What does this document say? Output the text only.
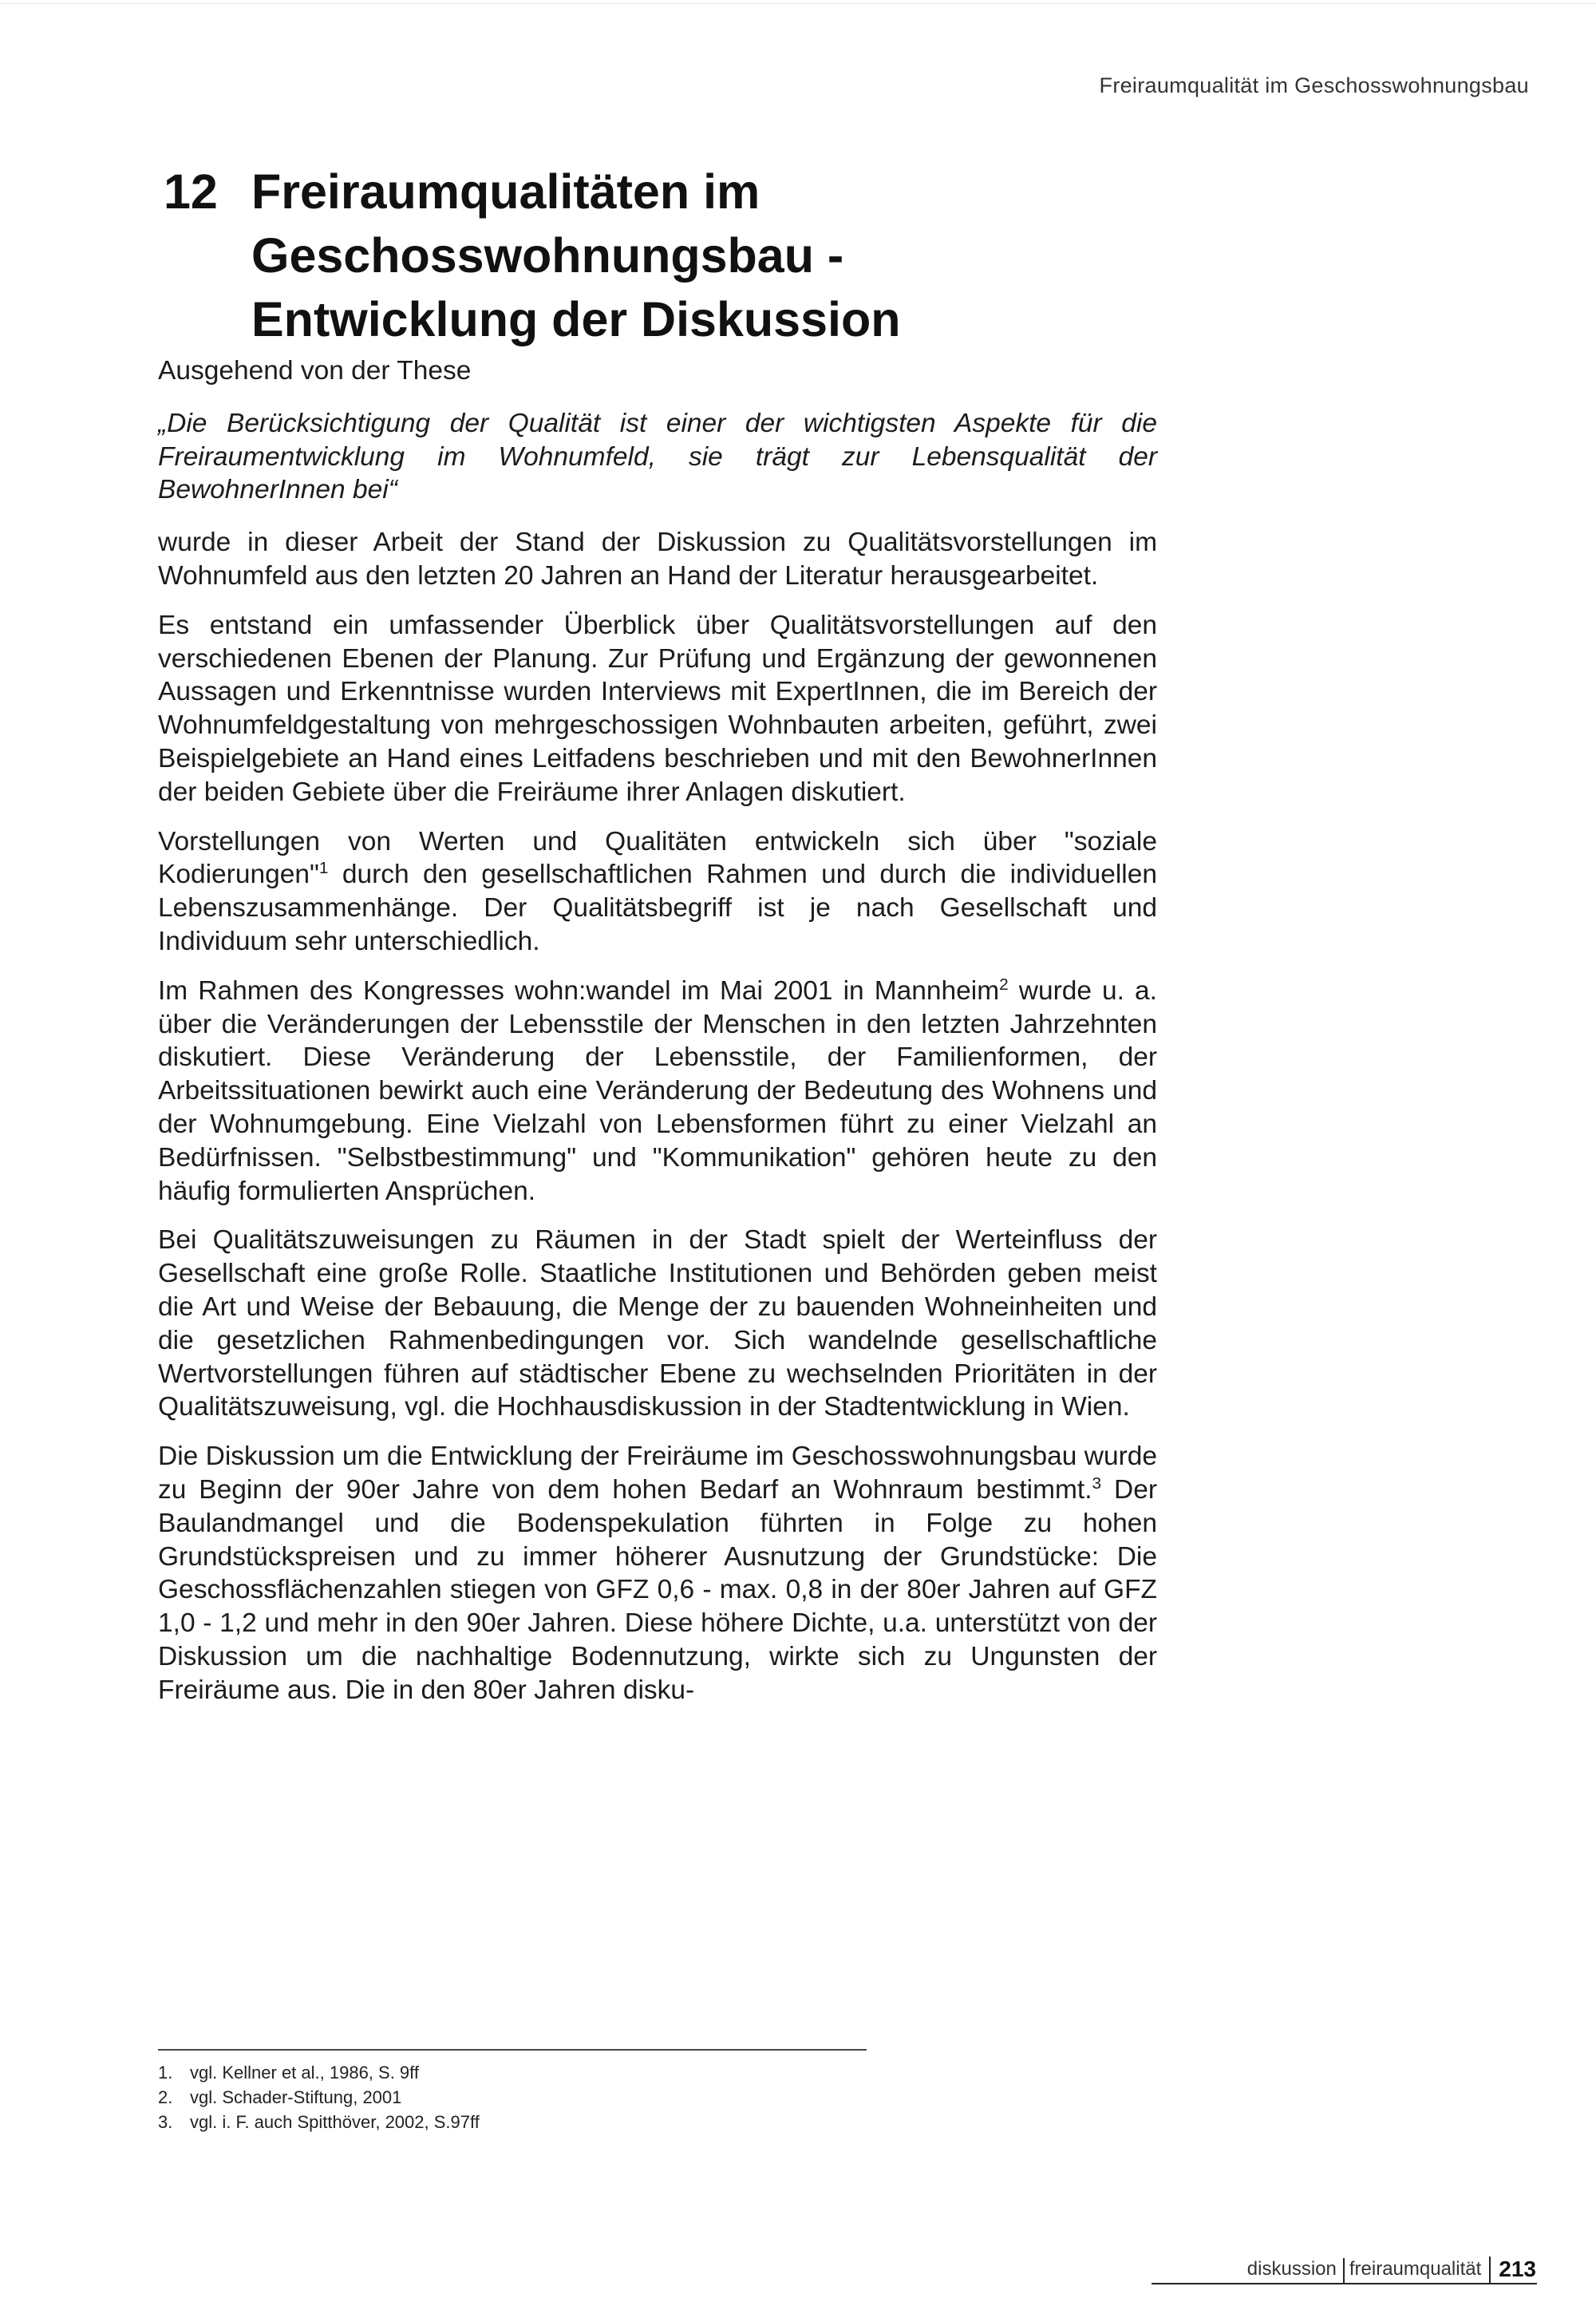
Freiraumqualität im Geschosswohnungsbau
12 Freiraumqualitäten im
Geschosswohnungsbau -
Entwicklung der Diskussion

Ausgehend von der These

„Die Berücksichtigung der Qualität ist einer der wichtigsten Aspekte für die Freiraumentwicklung im Wohnumfeld, sie trägt zur Lebensqualität der BewohnerInnen bei“

wurde in dieser Arbeit der Stand der Diskussion zu Qualitätsvorstellungen im Wohnumfeld aus den letzten 20 Jahren an Hand der Literatur herausgearbeitet.

Es entstand ein umfassender Überblick über Qualitätsvorstellungen auf den verschiedenen Ebenen der Planung. Zur Prüfung und Ergänzung der gewonnenen Aussagen und Erkenntnisse wurden Interviews mit ExpertInnen, die im Bereich der Wohnumfeldgestaltung von mehrgeschossigen Wohnbauten arbeiten, geführt, zwei Beispielgebiete an Hand eines Leitfadens beschrieben und mit den BewohnerInnen der beiden Gebiete über die Freiräume ihrer Anlagen diskutiert.

Vorstellungen von Werten und Qualitäten entwickeln sich über "soziale Kodierungen"$^1$ durch den gesellschaftlichen Rahmen und durch die individuellen Lebenszusammenhänge. Der Qualitätsbegriff ist je nach Gesellschaft und Individuum sehr unterschiedlich.

Im Rahmen des Kongresses wohn:wandel im Mai 2001 in Mannheim$^2$ wurde u. a. über die Veränderungen der Lebensstile der Menschen in den letzten Jahrzehnten diskutiert. Diese Veränderung der Lebensstile, der Familienformen, der Arbeitssituationen bewirkt auch eine Veränderung der Bedeutung des Wohnens und der Wohnumgebung. Eine Vielzahl von Lebensformen führt zu einer Vielzahl an Bedürfnissen. "Selbstbestimmung" und "Kommunikation" gehören heute zu den häufig formulierten Ansprüchen.

Bei Qualitätszuweisungen zu Räumen in der Stadt spielt der Werteinfluss der Gesellschaft eine große Rolle. Staatliche Institutionen und Behörden geben meist die Art und Weise der Bebauung, die Menge der zu bauenden Wohneinheiten und die gesetzlichen Rahmenbedingungen vor. Sich wandelnde gesellschaftliche Wertvorstellungen führen auf städtischer Ebene zu wechselnden Prioritäten in der Qualitätszuweisung, vgl. die Hochhausdiskussion in der Stadtentwicklung in Wien.

Die Diskussion um die Entwicklung der Freiräume im Geschosswohnungsbau wurde zu Beginn der 90er Jahre von dem hohen Bedarf an Wohnraum bestimmt.$^3$ Der Baulandmangel und die Bodenspekulation führten in Folge zu hohen Grundstückspreisen und zu immer höherer Ausnutzung der Grundstücke: Die Geschossflächenzahlen stiegen von GFZ 0,6 - max. 0,8 in der 80er Jahren auf GFZ 1,0 - 1,2 und mehr in den 90er Jahren. Diese höhere Dichte, u.a. unterstützt von der Diskussion um die nachhaltige Bodennutzung, wirkte sich zu Ungunsten der Freiräume aus. Die in den 80er Jahren disku-

1. vgl. Kellner et al., 1986, S. 9ff
2. vgl. Schader-Stiftung, 2001
3. vgl. i. F. auch Spitthöver, 2002, S.97ff
diskussion freiraumqualität 213
